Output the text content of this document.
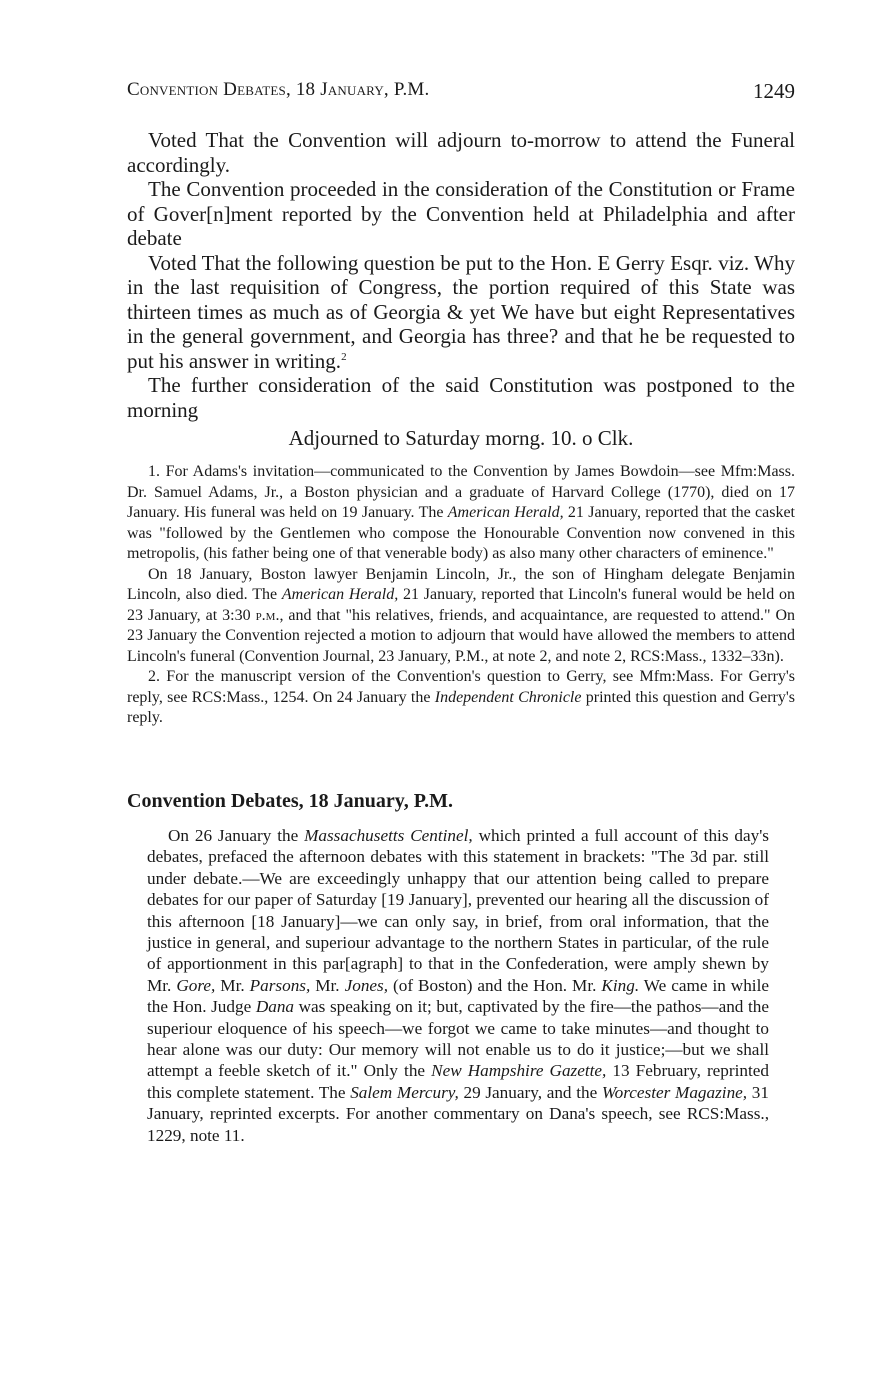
Convention Debates, 18 January, P.M.	1249

Voted That the Convention will adjourn to-morrow to attend the Funeral accordingly.

The Convention proceeded in the consideration of the Constitution or Frame of Gover[n]ment reported by the Convention held at Philadelphia and after debate

Voted That the following question be put to the Hon. E Gerry Esqr. viz. Why in the last requisition of Congress, the portion required of this State was thirteen times as much as of Georgia & yet We have but eight Representatives in the general government, and Georgia has three? and that he be requested to put his answer in writing.$^2$

The further consideration of the said Constitution was postponed to the morning

Adjourned to Saturday morng. 10. o Clk.

1. For Adams's invitation—communicated to the Convention by James Bowdoin—see Mfm:Mass. Dr. Samuel Adams, Jr., a Boston physician and a graduate of Harvard College (1770), died on 17 January. His funeral was held on 19 January. The American Herald, 21 January, reported that the casket was "followed by the Gentlemen who compose the Honourable Convention now convened in this metropolis, (his father being one of that venerable body) as also many other characters of eminence."

On 18 January, Boston lawyer Benjamin Lincoln, Jr., the son of Hingham delegate Benjamin Lincoln, also died. The American Herald, 21 January, reported that Lincoln's funeral would be held on 23 January, at 3:30 p.m., and that "his relatives, friends, and acquaintance, are requested to attend." On 23 January the Convention rejected a motion to adjourn that would have allowed the members to attend Lincoln's funeral (Convention Journal, 23 January, P.M., at note 2, and note 2, RCS:Mass., 1332–33n).

2. For the manuscript version of the Convention's question to Gerry, see Mfm:Mass. For Gerry's reply, see RCS:Mass., 1254. On 24 January the Independent Chronicle printed this question and Gerry's reply.

Convention Debates, 18 January, P.M.

On 26 January the Massachusetts Centinel, which printed a full account of this day's debates, prefaced the afternoon debates with this statement in brackets: "The 3d par. still under debate.—We are exceedingly unhappy that our attention being called to prepare debates for our paper of Saturday [19 January], prevented our hearing all the discussion of this afternoon [18 January]—we can only say, in brief, from oral information, that the justice in general, and superiour advantage to the northern States in particular, of the rule of apportionment in this par[agraph] to that in the Confederation, were amply shewn by Mr. Gore, Mr. Parsons, Mr. Jones, (of Boston) and the Hon. Mr. King. We came in while the Hon. Judge Dana was speaking on it; but, captivated by the fire—the pathos—and the superiour eloquence of his speech—we forgot we came to take minutes—and thought to hear alone was our duty: Our memory will not enable us to do it justice;—but we shall attempt a feeble sketch of it." Only the New Hampshire Gazette, 13 February, reprinted this complete statement. The Salem Mercury, 29 January, and the Worcester Magazine, 31 January, reprinted excerpts. For another commentary on Dana's speech, see RCS:Mass., 1229, note 11.
